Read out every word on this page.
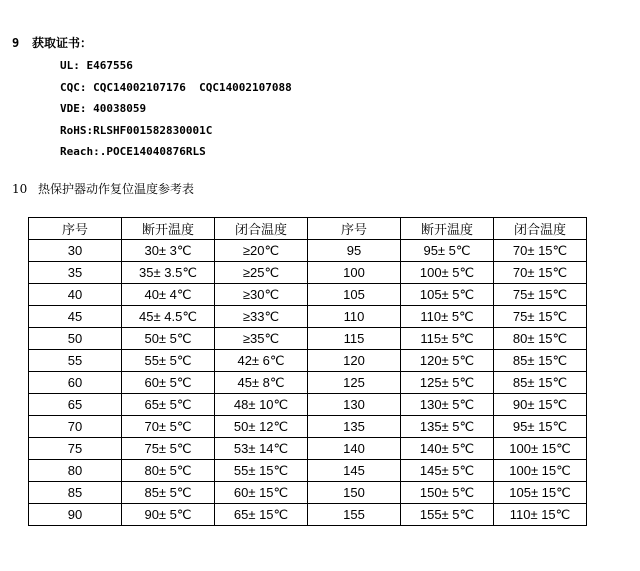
9 获取证书：
UL: E467556
CQC: CQC14002107176  CQC14002107088
VDE: 40038059
RoHS:RLSHF001582830001C
Reach:.POCE14040876RLS
10 热保护器动作复位温度参考表
序号	断开温度	闭合温度	序号	断开温度	闭合温度
30	30± 3℃	≥20℃	95	95± 5℃	70± 15℃
35	35± 3.5℃	≥25℃	100	100± 5℃	70± 15℃
40	40± 4℃	≥30℃	105	105± 5℃	75± 15℃
45	45± 4.5℃	≥33℃	110	110± 5℃	75± 15℃
50	50± 5℃	≥35℃	115	115± 5℃	80± 15℃
55	55± 5℃	42± 6℃	120	120± 5℃	85± 15℃
60	60± 5℃	45± 8℃	125	125± 5℃	85± 15℃
65	65± 5℃	48± 10℃	130	130± 5℃	90± 15℃
70	70± 5℃	50± 12℃	135	135± 5℃	95± 15℃
75	75± 5℃	53± 14℃	140	140± 5℃	100± 15℃
80	80± 5℃	55± 15℃	145	145± 5℃	100± 15℃
85	85± 5℃	60± 15℃	150	150± 5℃	105± 15℃
90	90± 5℃	65± 15℃	155	155± 5℃	110± 15℃
